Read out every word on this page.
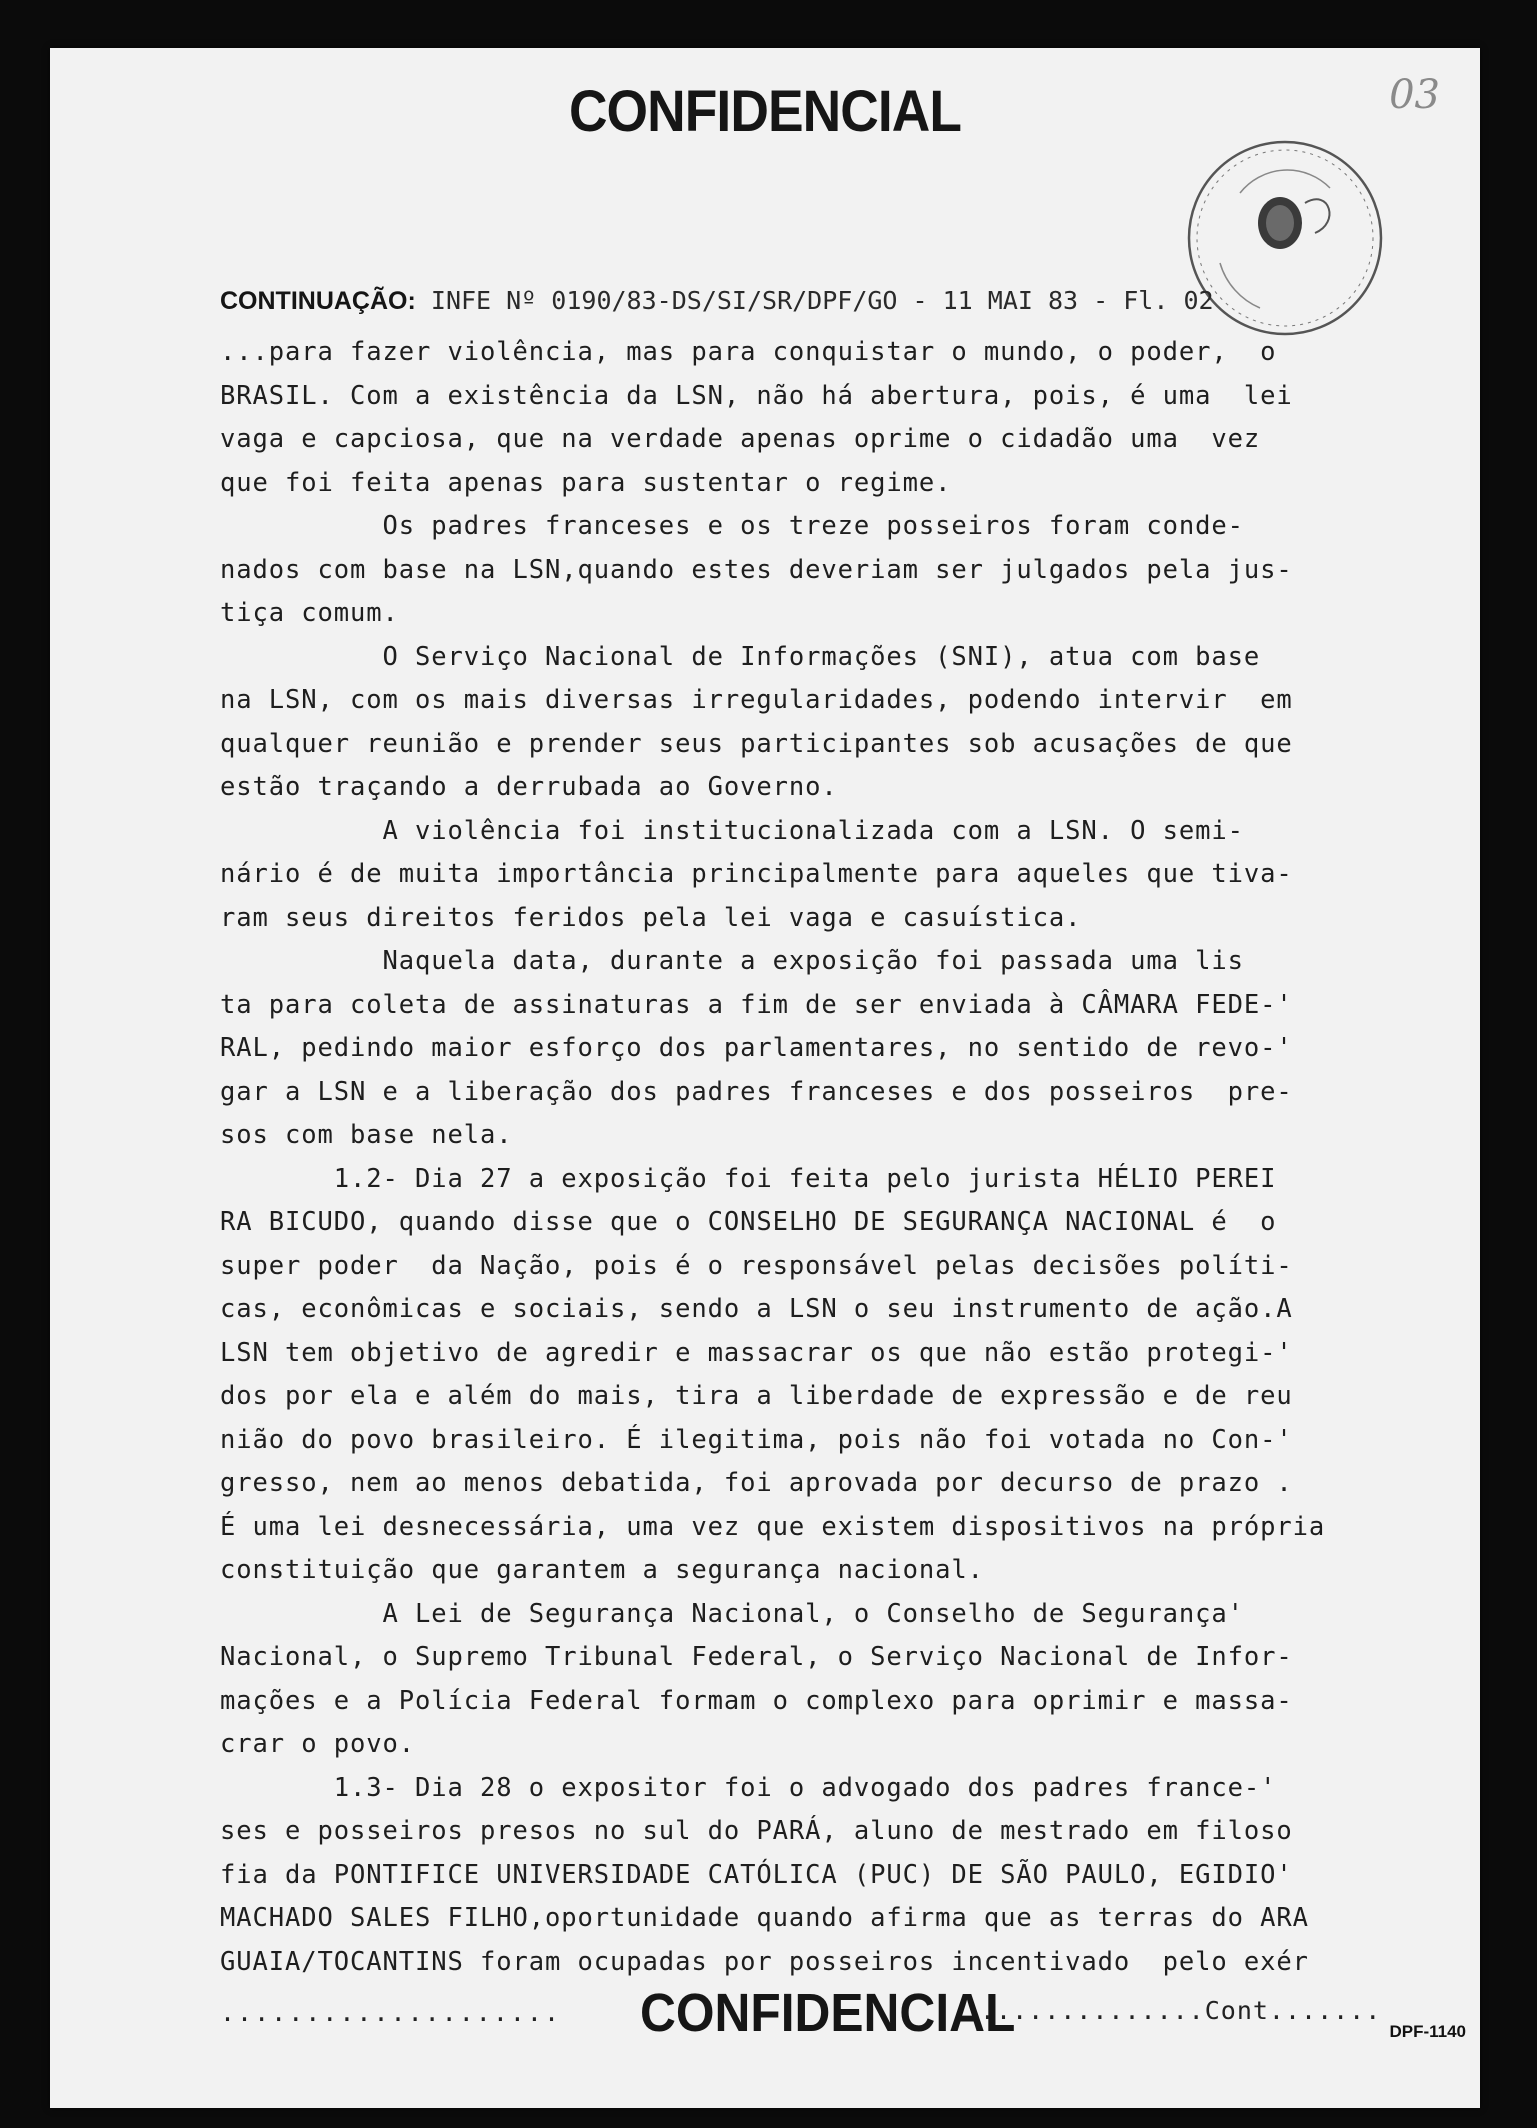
CONFIDENCIAL	03
CONTINUAÇÃO: INFE Nº 0190/83-DS/SI/SR/DPF/GO - 11 MAI 83 - Fl. 02
...para fazer violência, mas para conquistar o mundo, o poder,  o
BRASIL. Com a existência da LSN, não há abertura, pois, é uma  lei
vaga e capciosa, que na verdade apenas oprime o cidadão uma  vez
que foi feita apenas para sustentar o regime.
Os padres franceses e os treze posseiros foram conde-
nados com base na LSN,quando estes deveriam ser julgados pela jus-
tiça comum.
O Serviço Nacional de Informações (SNI), atua com base
na LSN, com os mais diversas irregularidades, podendo intervir  em
qualquer reunião e prender seus participantes sob acusações de que
estão traçando a derrubada ao Governo.
A violência foi institucionalizada com a LSN. O semi-
nário é de muita importância principalmente para aqueles que tiva-
ram seus direitos feridos pela lei vaga e casuística.
Naquela data, durante a exposição foi passada uma lis
ta para coleta de assinaturas a fim de ser enviada à CÂMARA FEDE-'
RAL, pedindo maior esforço dos parlamentares, no sentido de revo-'
gar a LSN e a liberação dos padres franceses e dos posseiros  pre-
sos com base nela.
1.2- Dia 27 a exposição foi feita pelo jurista HÉLIO PEREI
RA BICUDO, quando disse que o CONSELHO DE SEGURANÇA NACIONAL é  o
super poder  da Nação, pois é o responsável pelas decisões políti-
cas, econômicas e sociais, sendo a LSN o seu instrumento de ação.A
LSN tem objetivo de agredir e massacrar os que não estão protegi-'
dos por ela e além do mais, tira a liberdade de expressão e de reu
nião do povo brasileiro. É ilegitima, pois não foi votada no Con-'
gresso, nem ao menos debatida, foi aprovada por decurso de prazo .
É uma lei desnecessária, uma vez que existem dispositivos na própria
constituição que garantem a segurança nacional.
A Lei de Segurança Nacional, o Conselho de Segurança'
Nacional, o Supremo Tribunal Federal, o Serviço Nacional de Infor-
mações e a Polícia Federal formam o complexo para oprimir e massa-
crar o povo.
1.3- Dia 28 o expositor foi o advogado dos padres france-'
ses e posseiros presos no sul do PARÁ, aluno de mestrado em filoso
fia da PONTIFICE UNIVERSIDADE CATÓLICA (PUC) DE SÃO PAULO, EGIDIO'
MACHADO SALES FILHO,oportunidade quando afirma que as terras do ARA
GUAIA/TOCANTINS foram ocupadas por posseiros incentivado  pelo exér
.................... CONFIDENCIAL
..............Cont.......
DPF-1140
